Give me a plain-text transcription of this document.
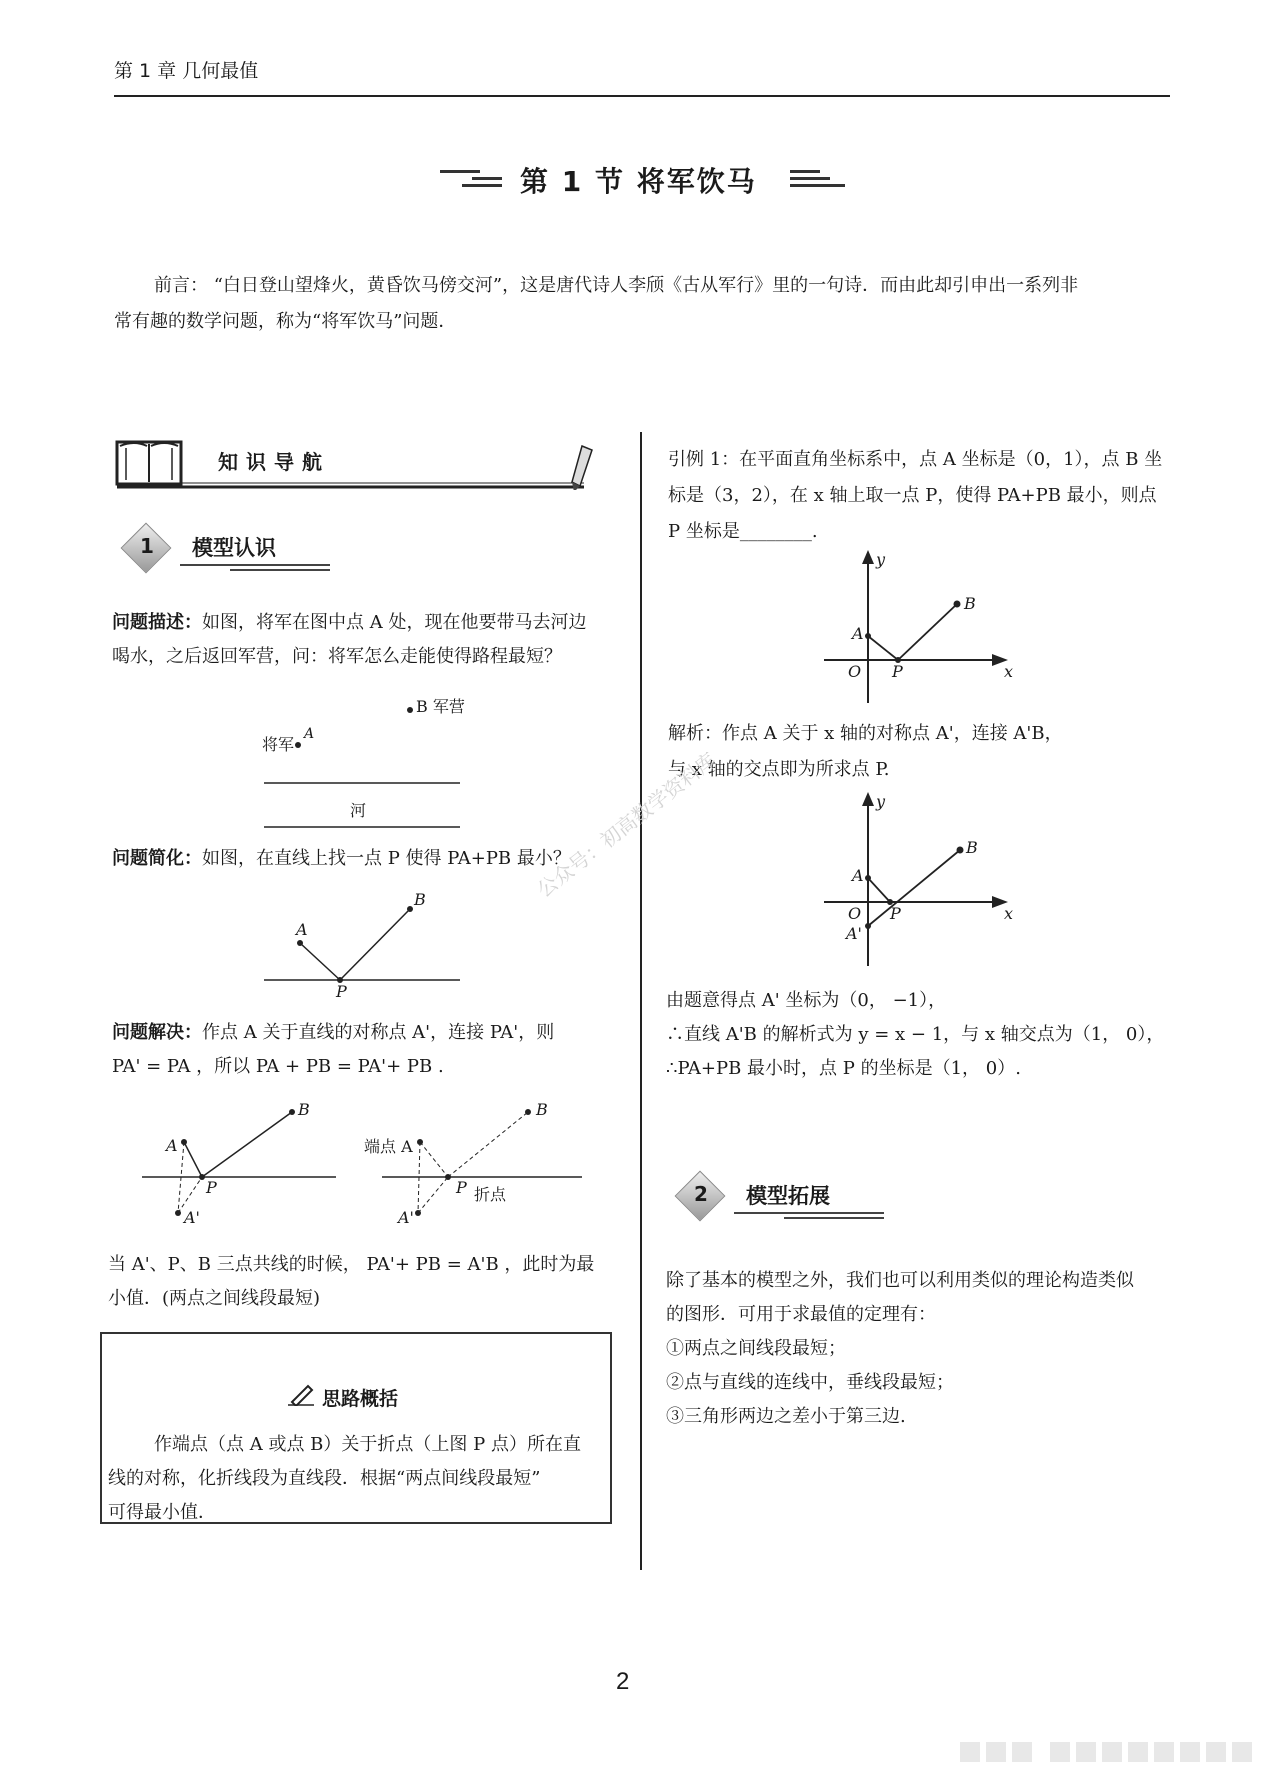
第 1 章 几何最值
第 1 节 将军饮马
前言： “白日登山望烽火，黄昏饮马傍交河”，这是唐代诗人李颀《古从军行》里的一句诗．而由此却引申出一系列非
常有趣的数学问题，称为“将军饮马”问题．
知识导航
1 模型认识
问题描述：如图，将军在图中点 A 处，现在他要带马去河边
喝水，之后返回军营，问：将军怎么走能使得路程最短？
B 军营
将军
A
河
问题简化：如图，在直线上找一点 P 使得 PA+PB 最小？
A
B
P
问题解决：作点 A 关于直线的对称点 A'，连接 PA'，则
PA' = PA ，所以 PA + PB = PA'+ PB .
A
B
P
A'
端点 A
B
P 折点
A'
当 A'、P、B 三点共线的时候， PA'+ PB = A'B ，此时为最
小值．(两点之间线段最短)
思路概括
作端点（点 A 或点 B）关于折点（上图 P 点）所在直
线的对称，化折线段为直线段．根据“两点间线段最短”
可得最小值．
引例 1：在平面直角坐标系中，点 A 坐标是（0，1），点 B 坐
标是（3，2），在 x 轴上取一点 P，使得 PA+PB 最小，则点
P 坐标是________.
y
x
O
A
B
P
解析：作点 A 关于 x 轴的对称点 A'，连接 A'B，
与 x 轴的交点即为所求点 P.
y
x
O
A
B
P
A'
由题意得点 A' 坐标为（0， −1），
∴直线 A'B 的解析式为 y = x − 1，与 x 轴交点为（1， 0），
∴PA+PB 最小时，点 P 的坐标是（1， 0）.
2 模型拓展
除了基本的模型之外，我们也可以利用类似的理论构造类似
的图形．可用于求最值的定理有：
①两点之间线段最短；
②点与直线的连线中，垂线段最短；
③三角形两边之差小于第三边.
公众号：初高数学资料库
2
